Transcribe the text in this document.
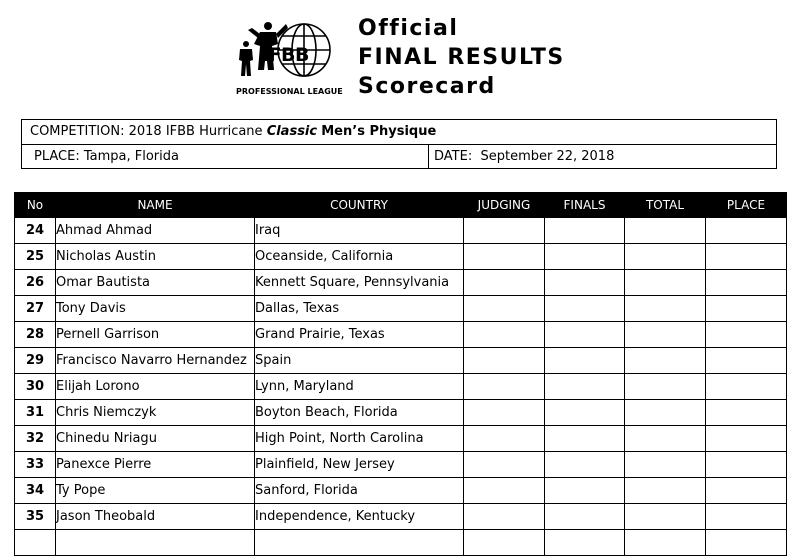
IFBB
PROFESSIONAL LEAGUE
Official
FINAL RESULTS
Scorecard
COMPETITION: 2018 IFBB Hurricane Classic Men’s Physique
PLACE: Tampa, Florida	DATE: September 22, 2018
No	NAME	COUNTRY	JUDGING	FINALS	TOTAL	PLACE
24	Ahmad Ahmad	Iraq				
25	Nicholas Austin	Oceanside, California				
26	Omar Bautista	Kennett Square, Pennsylvania				
27	Tony Davis	Dallas, Texas				
28	Pernell Garrison	Grand Prairie, Texas				
29	Francisco Navarro Hernandez	Spain				
30	Elijah Lorono	Lynn, Maryland				
31	Chris Niemczyk	Boyton Beach, Florida				
32	Chinedu Nriagu	High Point, North Carolina				
33	Panexce Pierre	Plainfield, New Jersey				
34	Ty Pope	Sanford, Florida				
35	Jason Theobald	Independence, Kentucky				
